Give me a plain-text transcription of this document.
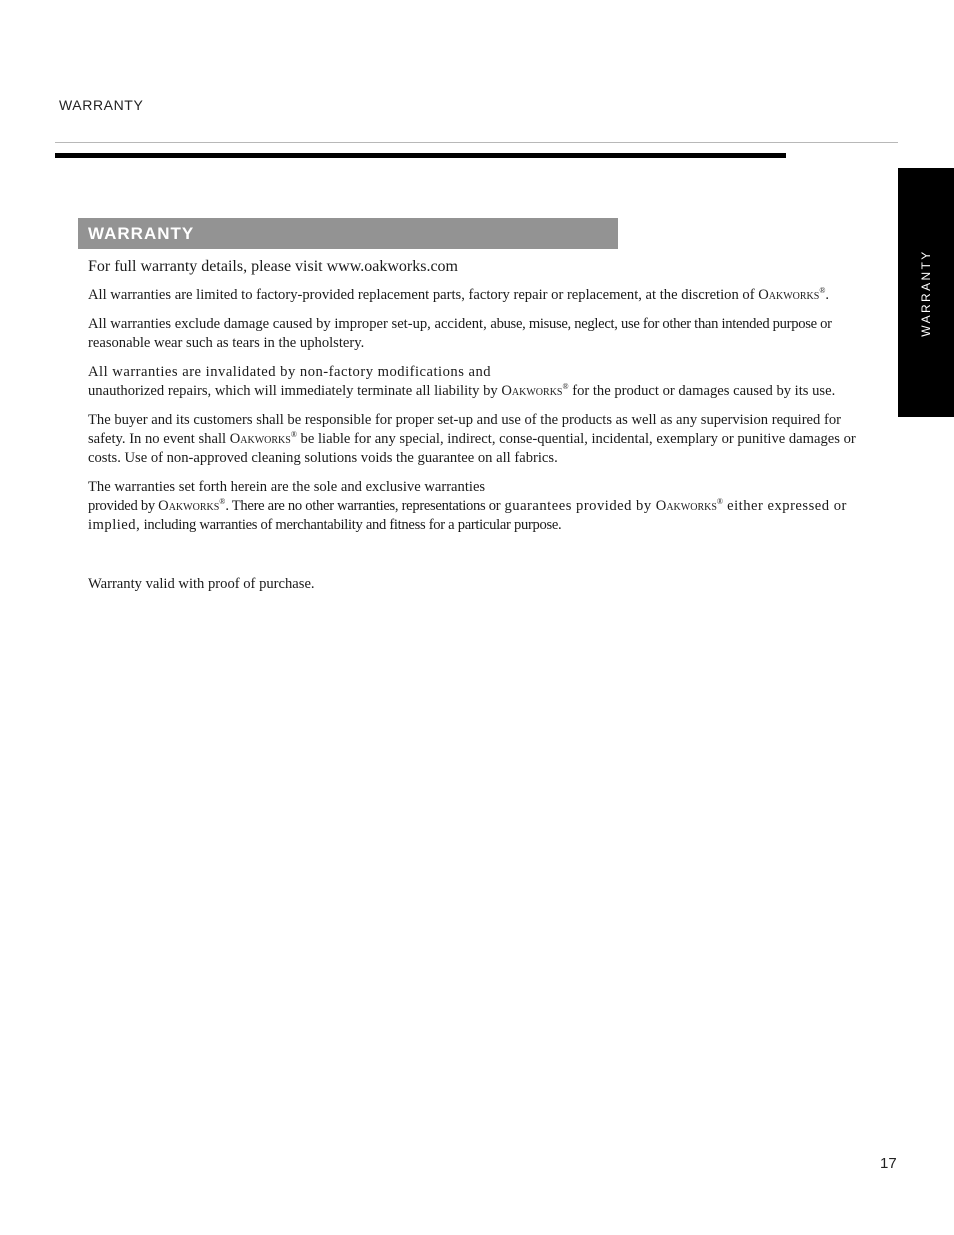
WARRANTY
WARRANTY
WARRANTY

For full warranty details, please visit www.oakworks.com

All warranties are limited to factory-provided replacement parts, factory repair or replacement, at the discretion of Oakworks®.

All warranties exclude damage caused by improper set-up, accident, abuse, misuse, neglect, use for other than intended purpose or reasonable wear such as tears in the upholstery.

All warranties are invalidated by non-factory modifications and
unauthorized repairs, which will immediately terminate all liability by Oakworks® for the product or damages caused by its use.

The buyer and its customers shall be responsible for proper set-up and use of the products as well as any supervision required for safety. In no event shall Oakworks® be liable for any special, indirect, conse-quential, incidental, exemplary or punitive damages or costs. Use of non-approved cleaning solutions voids the guarantee on all fabrics.

The warranties set forth herein are the sole and exclusive warranties
provided by Oakworks®. There are no other warranties, representations or guarantees provided by Oakworks® either expressed or implied, including warranties of merchantability and fitness for a particular purpose.

Warranty valid with proof of purchase.

17
